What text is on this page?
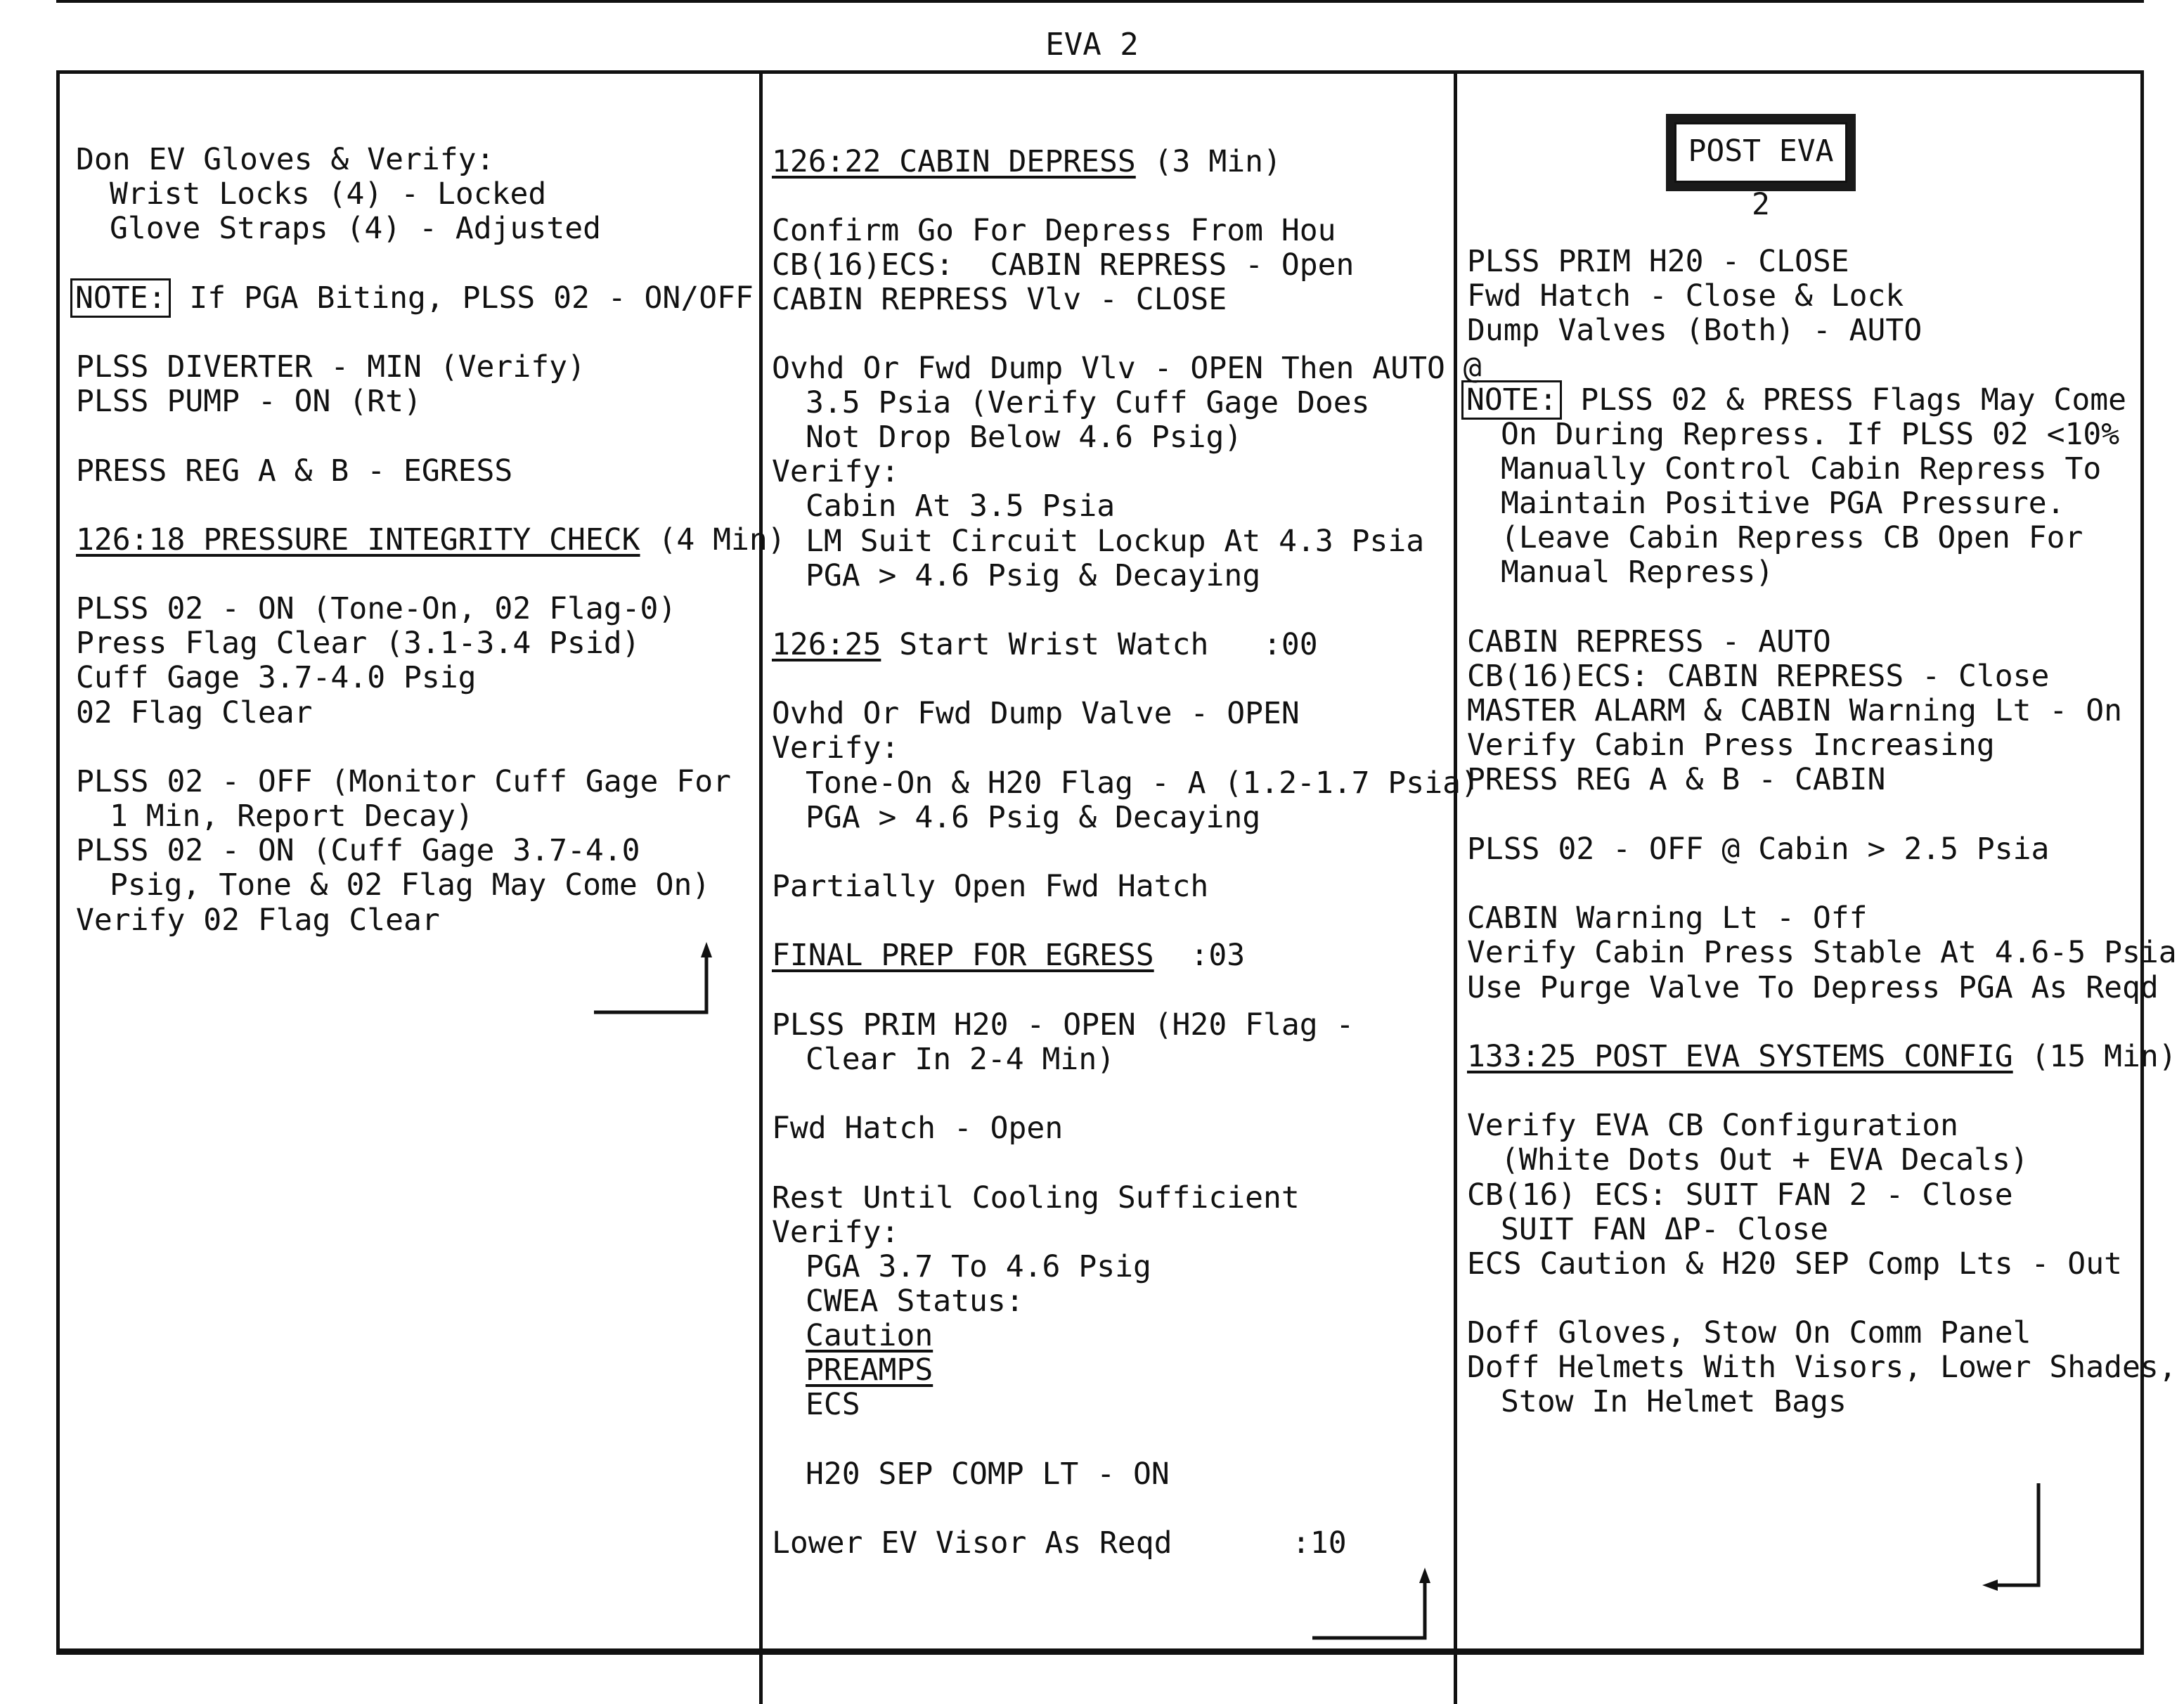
EVA 2

Don EV Gloves & Verify:

Wrist Locks (4) - Locked

Glove Straps (4) - Adjusted

NOTE: If PGA Biting, PLSS 02 - ON/OFF

PLSS DIVERTER - MIN (Verify)

PLSS PUMP - ON (Rt)

PRESS REG A & B - EGRESS

126:18 PRESSURE INTEGRITY CHECK (4 Min)

PLSS 02 - ON (Tone-On, 02 Flag-0)

Press Flag Clear (3.1-3.4 Psid)

Cuff Gage 3.7-4.0 Psig

02 Flag Clear

PLSS 02 - OFF (Monitor Cuff Gage For

1 Min, Report Decay)

PLSS 02 - ON (Cuff Gage 3.7-4.0

Psig, Tone & 02 Flag May Come On)

Verify 02 Flag Clear

126:22 CABIN DEPRESS (3 Min)

Confirm Go For Depress From Hou

CB(16)ECS:  CABIN REPRESS - Open

CABIN REPRESS Vlv - CLOSE

Ovhd Or Fwd Dump Vlv - OPEN Then AUTO @

3.5 Psia (Verify Cuff Gage Does

Not Drop Below 4.6 Psig)

Verify:

Cabin At 3.5 Psia

LM Suit Circuit Lockup At 4.3 Psia

PGA > 4.6 Psig & Decaying

126:25 Start Wrist Watch   :00

Ovhd Or Fwd Dump Valve - OPEN

Verify:

Tone-On & H20 Flag - A (1.2-1.7 Psia)

PGA > 4.6 Psig & Decaying

Partially Open Fwd Hatch

FINAL PREP FOR EGRESS :03

PLSS PRIM H20 - OPEN (H20 Flag -

Clear In 2-4 Min)

Fwd Hatch - Open

Rest Until Cooling Sufficient

Verify:

PGA 3.7 To 4.6 Psig

CWEA Status:

Caution

PREAMPS

ECS

H20 SEP COMP LT - ON

Lower EV Visor As Reqd	:10

POST EVA 2

PLSS PRIM H20 - CLOSE

Fwd Hatch - Close & Lock

Dump Valves (Both) - AUTO

NOTE: PLSS 02 & PRESS Flags May Come

On During Repress. If PLSS 02 <10%

Manually Control Cabin Repress To

Maintain Positive PGA Pressure.

(Leave Cabin Repress CB Open For

Manual Repress)

CABIN REPRESS - AUTO

CB(16)ECS: CABIN REPRESS - Close

MASTER ALARM & CABIN Warning Lt - On

Verify Cabin Press Increasing

PRESS REG A & B - CABIN

PLSS 02 - OFF @ Cabin > 2.5 Psia

CABIN Warning Lt - Off

Verify Cabin Press Stable At 4.6-5 Psia

Use Purge Valve To Depress PGA As Reqd

133:25 POST EVA SYSTEMS CONFIG (15 Min)

Verify EVA CB Configuration

(White Dots Out + EVA Decals)

CB(16) ECS: SUIT FAN 2 - Close

SUIT FAN ΔP- Close

ECS Caution & H20 SEP Comp Lts - Out

Doff Gloves, Stow On Comm Panel

Doff Helmets With Visors, Lower Shades,

Stow In Helmet Bags
